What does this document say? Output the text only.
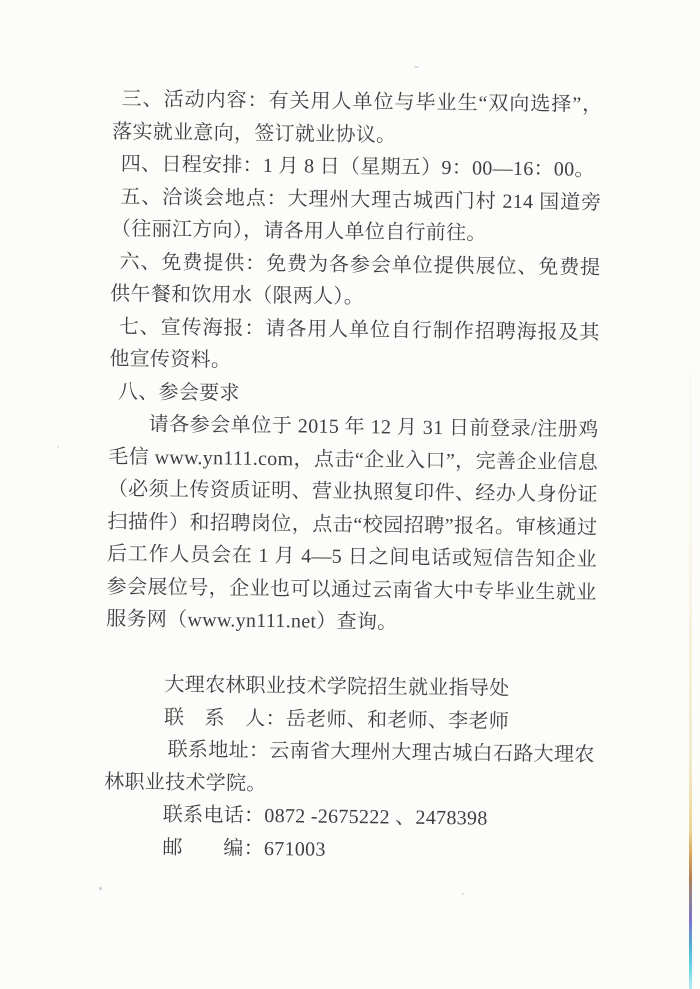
三、活动内容：有关用人单位与毕业生“双向选择”，落实就业意向，签订就业协议。

四、日程安排：1 月 8 日（星期五）9：00—16：00。

五、洽谈会地点：大理州大理古城西门村 214 国道旁（往丽江方向），请各用人单位自行前往。

六、免费提供：免费为各参会单位提供展位、免费提供午餐和饮用水（限两人）。

七、宣传海报：请各用人单位自行制作招聘海报及其他宣传资料。

八、参会要求

请各参会单位于 2015 年 12 月 31 日前登录/注册鸡毛信 www.yn111.com，点击“企业入口”，完善企业信息（必须上传资质证明、营业执照复印件、经办人身份证扫描件）和招聘岗位，点击“校园招聘”报名。审核通过后工作人员会在 1 月 4—5 日之间电话或短信告知企业参会展位号，企业也可以通过云南省大中专毕业生就业服务网（www.yn111.net）查询。

大理农林职业技术学院招生就业指导处

联　系　人：岳老师、和老师、李老师

联系地址：云南省大理州大理古城白石路大理农林职业技术学院。

联系电话：0872 -2675222 、2478398

邮　　编：671003
